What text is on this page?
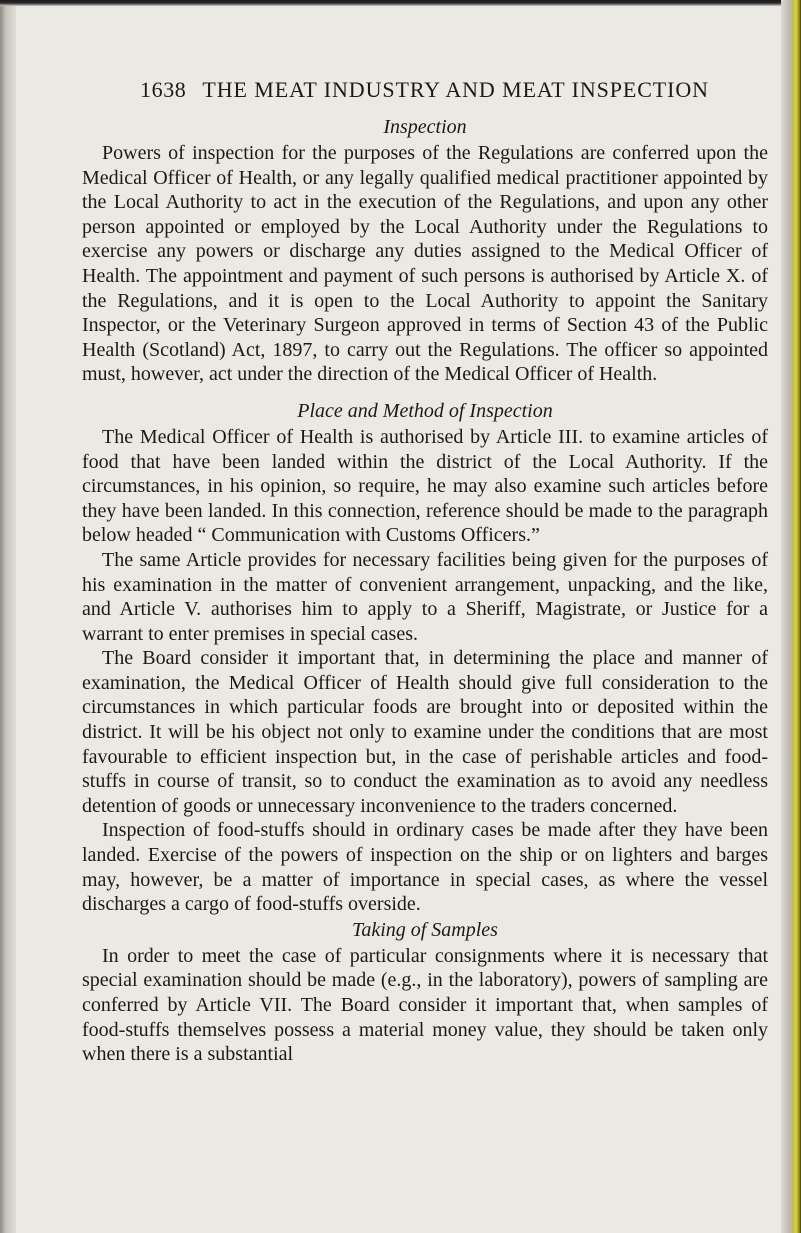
1638 THE MEAT INDUSTRY AND MEAT INSPECTION
Inspection

Powers of inspection for the purposes of the Regulations are conferred upon the Medical Officer of Health, or any legally qualified medical practitioner appointed by the Local Authority to act in the execution of the Regulations, and upon any other person appointed or employed by the Local Authority under the Regulations to exercise any powers or discharge any duties assigned to the Medical Officer of Health. The appointment and payment of such persons is authorised by Article X. of the Regulations, and it is open to the Local Authority to appoint the Sanitary Inspector, or the Veterinary Surgeon approved in terms of Section 43 of the Public Health (Scotland) Act, 1897, to carry out the Regulations. The officer so appointed must, however, act under the direction of the Medical Officer of Health.

Place and Method of Inspection

The Medical Officer of Health is authorised by Article III. to examine articles of food that have been landed within the district of the Local Authority. If the circumstances, in his opinion, so require, he may also examine such articles before they have been landed. In this connection, reference should be made to the paragraph below headed “ Communication with Customs Officers.”

The same Article provides for necessary facilities being given for the purposes of his examination in the matter of convenient arrangement, unpacking, and the like, and Article V. authorises him to apply to a Sheriff, Magistrate, or Justice for a warrant to enter premises in special cases.

The Board consider it important that, in determining the place and manner of examination, the Medical Officer of Health should give full consideration to the circumstances in which particular foods are brought into or deposited within the district. It will be his object not only to examine under the conditions that are most favourable to efficient inspection but, in the case of perishable articles and food-stuffs in course of transit, so to conduct the examination as to avoid any needless detention of goods or unnecessary inconvenience to the traders concerned.

Inspection of food-stuffs should in ordinary cases be made after they have been landed. Exercise of the powers of inspection on the ship or on lighters and barges may, however, be a matter of importance in special cases, as where the vessel discharges a cargo of food-stuffs overside.

Taking of Samples

In order to meet the case of particular consignments where it is necessary that special examination should be made (e.g., in the laboratory), powers of sampling are conferred by Article VII. The Board consider it important that, when samples of food-stuffs themselves possess a material money value, they should be taken only when there is a substantial
